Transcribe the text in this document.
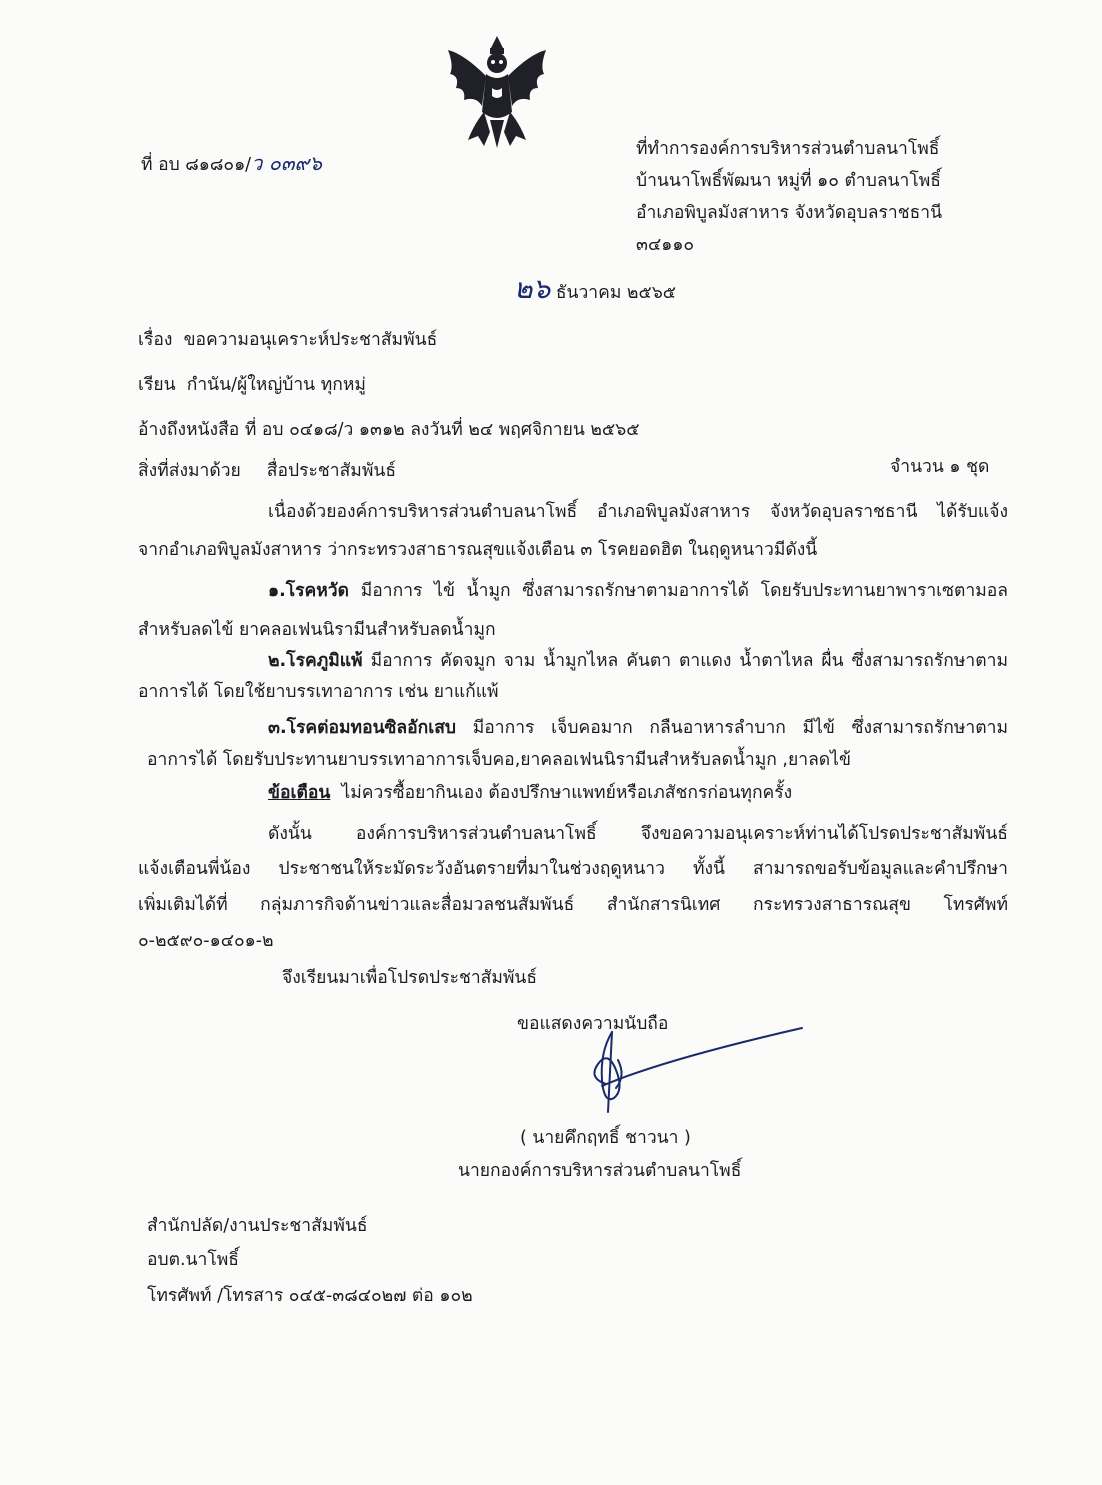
ที่ อบ ๘๑๘๐๑/ว ๐๓๙๖
ที่ทำการองค์การบริหารส่วนตำบลนาโพธิ์
บ้านนาโพธิ์พัฒนา หมู่ที่ ๑๐ ตำบลนาโพธิ์
อำเภอพิบูลมังสาหาร จังหวัดอุบลราชธานี
๓๔๑๑๐
๒๖ ธันวาคม ๒๕๖๕
เรื่อง ขอความอนุเคราะห์ประชาสัมพันธ์
เรียน กำนัน/ผู้ใหญ่บ้าน ทุกหมู่
อ้างถึงหนังสือ ที่ อบ ๐๔๑๘/ว ๑๓๑๒ ลงวันที่ ๒๔ พฤศจิกายน ๒๕๖๕
สิ่งที่ส่งมาด้วย สื่อประชาสัมพันธ์	จำนวน ๑ ชุด
เนื่องด้วยองค์การบริหารส่วนตำบลนาโพธิ์ อำเภอพิบูลมังสาหาร จังหวัดอุบลราชธานี ได้รับแจ้ง
จากอำเภอพิบูลมังสาหาร ว่ากระทรวงสาธารณสุขแจ้งเตือน ๓ โรคยอดฮิต ในฤดูหนาวมีดังนี้
๑.โรคหวัด มีอาการ ไข้ น้ำมูก ซึ่งสามารถรักษาตามอาการได้ โดยรับประทานยาพาราเซตามอล
สำหรับลดไข้ ยาคลอเฟนนิรามีนสำหรับลดน้ำมูก
๒.โรคภูมิแพ้ มีอาการ คัดจมูก จาม น้ำมูกไหล คันตา ตาแดง น้ำตาไหล ผื่น ซึ่งสามารถรักษาตาม
อาการได้ โดยใช้ยาบรรเทาอาการ เช่น ยาแก้แพ้
๓.โรคต่อมทอนซิลอักเสบ มีอาการ เจ็บคอมาก กลืนอาหารลำบาก มีไข้ ซึ่งสามารถรักษาตาม
อาการได้ โดยรับประทานยาบรรเทาอาการเจ็บคอ,ยาคลอเฟนนิรามีนสำหรับลดน้ำมูก ,ยาลดไข้
ข้อเตือน ไม่ควรซื้อยากินเอง ต้องปรึกษาแพทย์หรือเภสัชกรก่อนทุกครั้ง
ดังนั้น องค์การบริหารส่วนตำบลนาโพธิ์ จึงขอความอนุเคราะห์ท่านได้โปรดประชาสัมพันธ์
แจ้งเตือนพี่น้อง ประชาชนให้ระมัดระวังอันตรายที่มาในช่วงฤดูหนาว ทั้งนี้ สามารถขอรับข้อมูลและคำปรึกษา
เพิ่มเติมได้ที่ กลุ่มภารกิจด้านข่าวและสื่อมวลชนสัมพันธ์ สำนักสารนิเทศ กระทรวงสาธารณสุข โทรศัพท์
๐-๒๕๙๐-๑๔๐๑-๒
จึงเรียนมาเพื่อโปรดประชาสัมพันธ์
ขอแสดงความนับถือ
( นายคึกฤทธิ์ ชาวนา )
นายกองค์การบริหารส่วนตำบลนาโพธิ์
สำนักปลัด/งานประชาสัมพันธ์
อบต.นาโพธิ์
โทรศัพท์ /โทรสาร ๐๔๕-๓๘๔๐๒๗ ต่อ ๑๐๒
